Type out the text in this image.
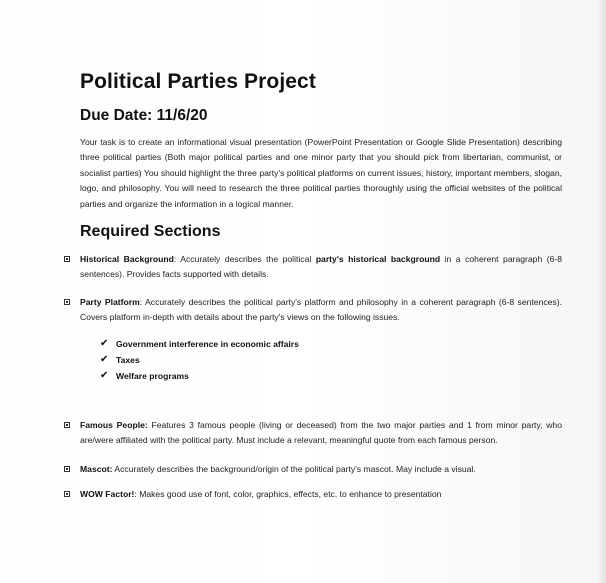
Political Parties Project
Due Date: 11/6/20

Your task is to create an informational visual presentation (PowerPoint Presentation or Google Slide Presentation) describing three political parties (Both major political parties and one minor party that you should pick from libertarian, communist, or socialist parties) You should highlight the three party's political platforms on current issues, history, important members, slogan, logo, and philosophy. You will need to research the three political parties thoroughly using the official websites of the political parties and organize the information in a logical manner.

Required Sections
Historical Background: Accurately describes the political party's historical background in a coherent paragraph (6-8 sentences). Provides facts supported with details.
Party Platform: Accurately describes the political party's platform and philosophy in a coherent paragraph (6-8 sentences). Covers platform in-depth with details about the party's views on the following issues.
✔ Government interference in economic affairs
✔ Taxes
✔ Welfare programs
Famous People: Features 3 famous people (living or deceased) from the two major parties and 1 from minor party, who are/were affiliated with the political party. Must include a relevant, meaningful quote from each famous person.
Mascot: Accurately describes the background/origin of the political party's mascot. May include a visual.
WOW Factor!: Makes good use of font, color, graphics, effects, etc. to enhance to presentation
